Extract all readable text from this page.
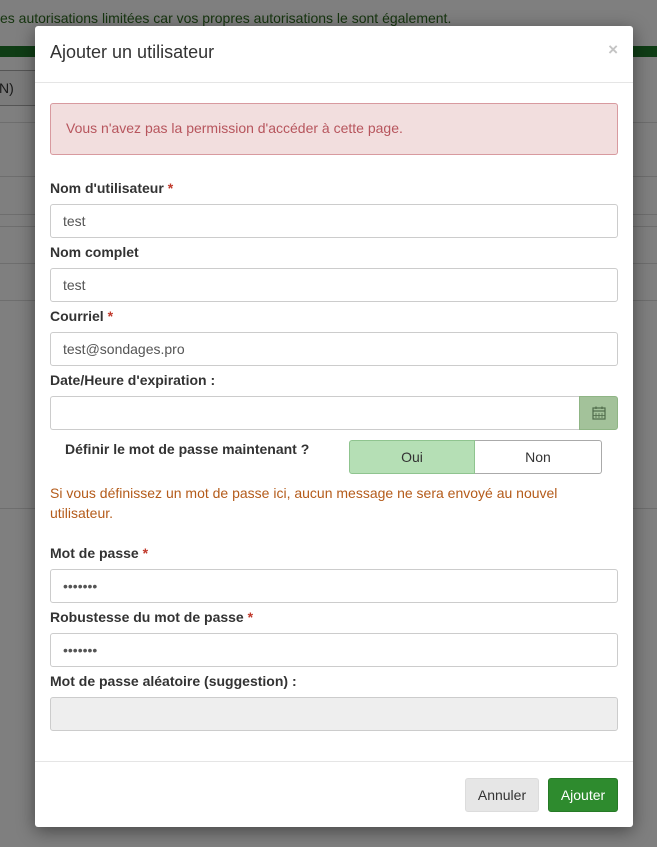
Ajouter un utilisateur	×
Vous n'avez pas la permission d'accéder à cette page.
Nom d'utilisateur *
test
Nom complet
test
Courriel *
test@sondages.pro
Date/Heure d'expiration :
Définir le mot de passe maintenant ?	Oui	Non
Si vous définissez un mot de passe ici, aucun message ne sera envoyé au nouvel utilisateur.
Mot de passe *
•••••••
Robustesse du mot de passe *
•••••••
Mot de passe aléatoire (suggestion) :
Annuler	Ajouter
